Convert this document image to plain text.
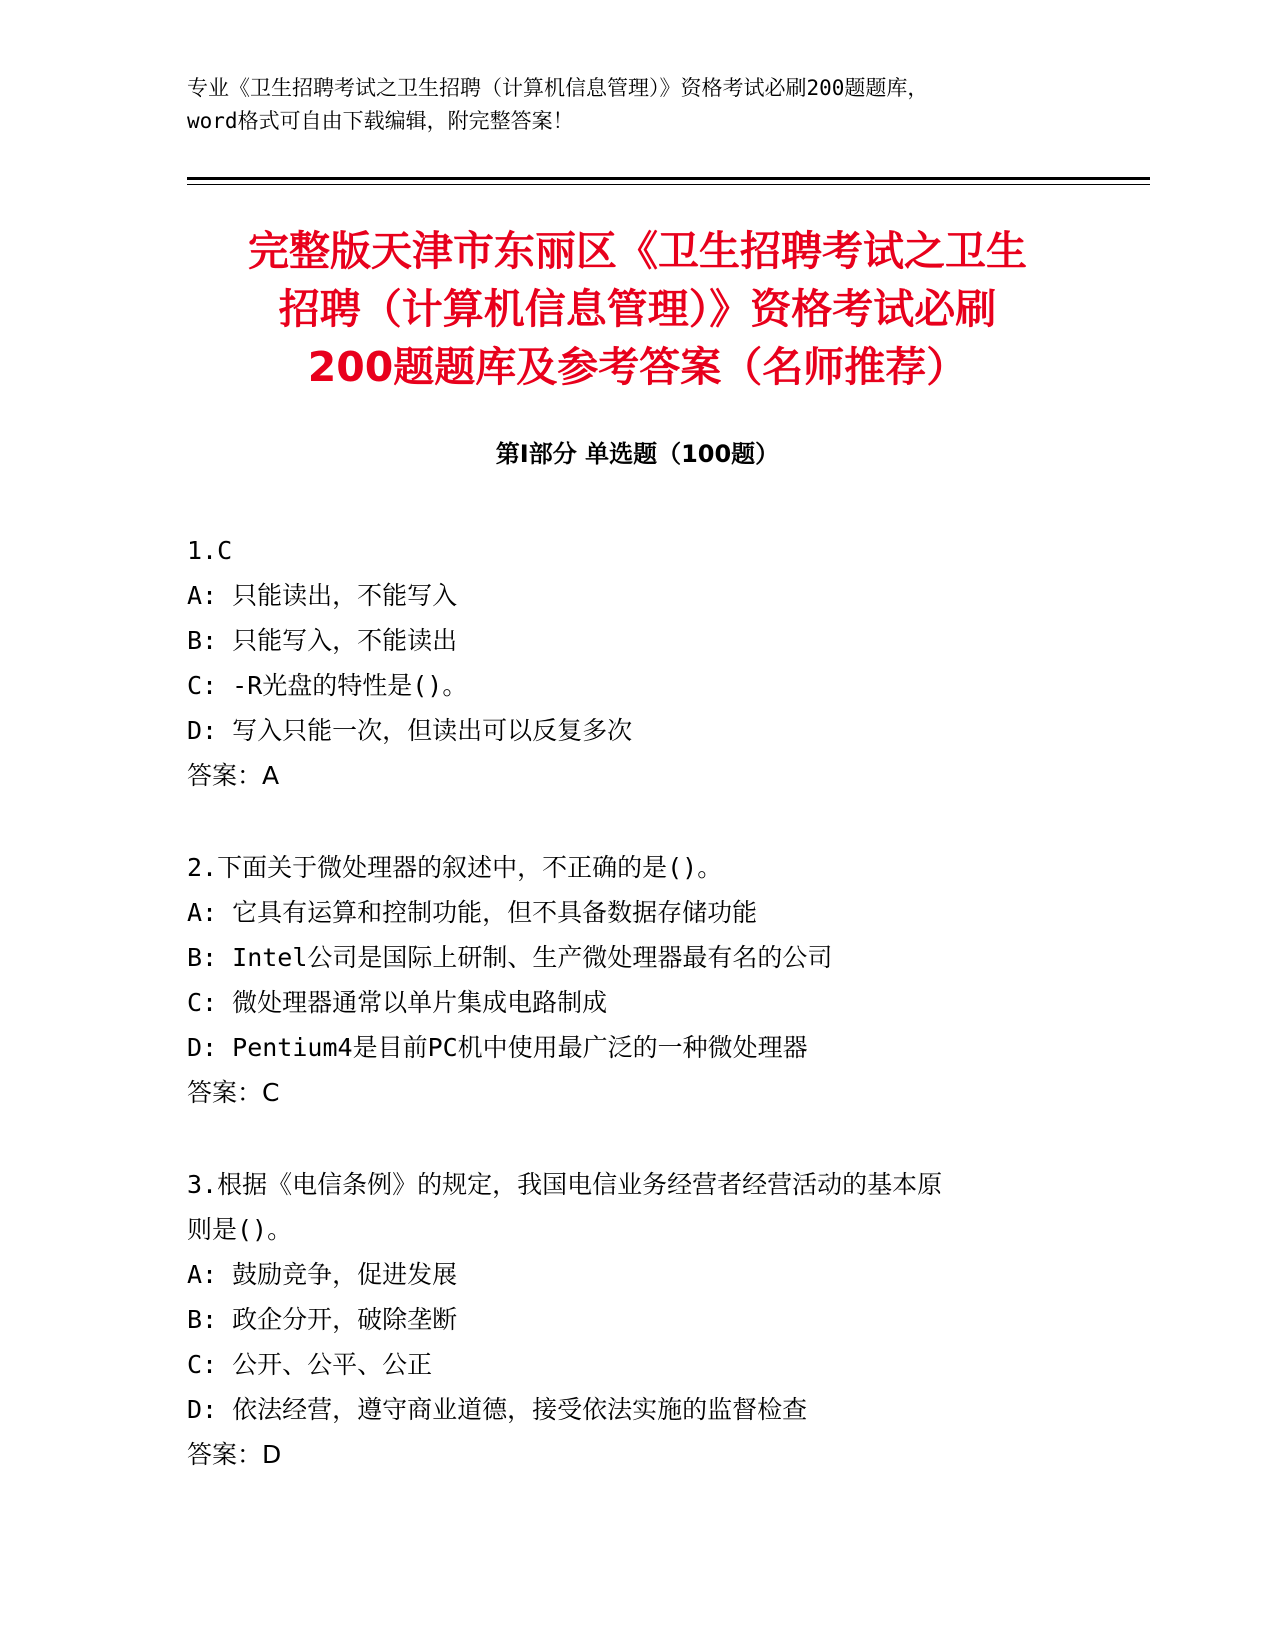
专业《卫生招聘考试之卫生招聘（计算机信息管理）》资格考试必刷200题题库，
word格式可自由下载编辑，附完整答案！
完整版天津市东丽区《卫生招聘考试之卫生
招聘（计算机信息管理）》资格考试必刷
200题题库及参考答案（名师推荐）
第Ⅰ部分 单选题（100题）
1.C
A: 只能读出，不能写入
B: 只能写入，不能读出
C: -R光盘的特性是()。
D: 写入只能一次，但读出可以反复多次
答案：A
2.下面关于微处理器的叙述中，不正确的是()。
A: 它具有运算和控制功能，但不具备数据存储功能
B: Intel公司是国际上研制、生产微处理器最有名的公司
C: 微处理器通常以单片集成电路制成
D: Pentium4是目前PC机中使用最广泛的一种微处理器
答案：C
3.根据《电信条例》的规定，我国电信业务经营者经营活动的基本原
则是()。
A: 鼓励竞争，促进发展
B: 政企分开，破除垄断
C: 公开、公平、公正
D: 依法经营，遵守商业道德，接受依法实施的监督检查
答案：D
